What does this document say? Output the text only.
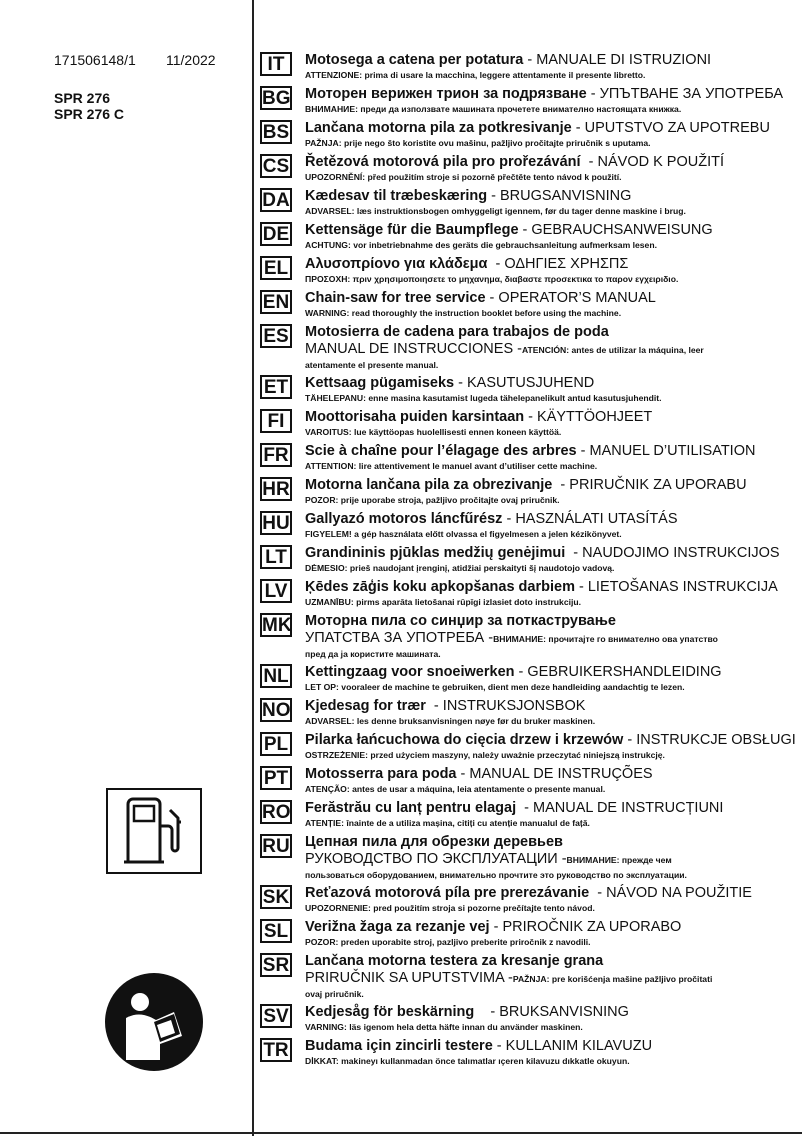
171506148/1 11/2022
SPR 276
SPR 276 C
IT	Motosega a catena per potatura - MANUALE DI ISTRUZIONI
ATTENZIONE: prima di usare la macchina, leggere attentamente il presente libretto.
BG Моторен верижен трион за подрязване - УПЪТВАНЕ ЗА УПОТРЕБА
ВНИМАНИЕ: преди да използвате машината прочетете внимателно настоящата книжка.
BS Lančana motorna pila za potkresivanje - UPUTSTVO ZA UPOTREBU
PAŽNJA: prije nego što koristite ovu mašinu, pažljivo pročitajte priručnik s uputama.
CS Řetězová motorová pila pro prořezávání  - NÁVOD K POUŽITÍ
UPOZORNĚNÍ: před použitím stroje si pozorně přečtěte tento návod k použití.
DA Kædesav til træbeskæring - BRUGSANVISNING
ADVARSEL: læs instruktionsbogen omhyggeligt igennem, før du tager denne maskine i brug.
DE Kettensäge für die Baumpflege - GEBRAUCHSANWEISUNG
ACHTUNG: vor inbetriebnahme des geräts die gebrauchsanleitung aufmerksam lesen.
EL Αλυσοπρίονο για κλάδεμα  - ΟΔΗΓΙΕΣ ΧΡΗΣΠΣ
ΠΡΟΣΟΧΗ: πριν χρησιμοποιησετε το μηχανημα, διαβαστε προσεκτικα το παρον εγχειριδιο.
EN Chain-saw for tree service - OPERATOR’S MANUAL
WARNING: read thoroughly the instruction booklet before using the machine.
ES Motosierra de cadena para trabajos de poda
MANUAL DE INSTRUCCIONES -ATENCIÓN: antes de utilizar la máquina, leer
atentamente el presente manual.
ET Kettsaag pügamiseks - KASUTUSJUHEND
TÄHELEPANU: enne masina kasutamist lugeda tähelepanelikult antud kasutusjuhendit.
FI	Moottorisaha puiden karsintaan - KÄYTTÖOHJEET
VAROITUS: lue käyttöopas huolellisesti ennen koneen käyttöä.
FR Scie à chaîne pour l’élagage des arbres - MANUEL D’UTILISATION
ATTENTION: lire attentivement le manuel avant d’utiliser cette machine.
HR Motorna lančana pila za obrezivanje  - PRIRUČNIK ZA UPORABU
POZOR: prije uporabe stroja, pažljivo pročitajte ovaj priručnik.
HU Gallyazó motoros láncfűrész - HASZNÁLATI UTASÍTÁS
FIGYELEM! a gép használata előtt olvassa el figyelmesen a jelen kézikönyvet.
LT	Grandininis pjūklas medžių genėjimui  - NAUDOJIMO INSTRUKCIJOS
DĖMESIO: prieš naudojant įrenginį, atidžiai perskaityti šį naudotojo vadovą.
LV	Ķēdes zāģis koku apkopšanas darbiem - LIETOŠANAS INSTRUKCIJA
UZMANĪBU: pirms aparāta lietošanai rūpīgi izlasiet doto instrukciju.
MK Моторна пила со синџир за поткастрување
УПАТСТВА ЗА УПОТРЕБА -ВНИМАНИЕ: прочитајте го внимателно ова упатство
пред да ја користите машината.
NL Kettingzaag voor snoeiwerken - GEBRUIKERSHANDLEIDING
LET OP: vooraleer de machine te gebruiken, dient men deze handleiding aandachtig te lezen.
NO Kjedesag for trær  - INSTRUKSJONSBOK
ADVARSEL: les denne bruksanvisningen nøye før du bruker maskinen.
PL Pilarka łańcuchowa do cięcia drzew i krzewów - INSTRUKCJE OBSŁUGI
OSTRZEŻENIE: przed użyciem maszyny, należy uważnie przeczytać niniejszą instrukcję.
PT Motosserra para poda - MANUAL DE INSTRUÇÕES
ATENÇÃO: antes de usar a máquina, leia atentamente o presente manual.
RO Ferăstrău cu lanț pentru elagaj  - MANUAL DE INSTRUCȚIUNI
ATENȚIE: înainte de a utiliza mașina, citiți cu atenție manualul de față.
RU Цепная пила для обрезки деревьев
РУКОВОДСТВО ПО ЭКСПЛУАТАЦИИ -ВНИМАНИЕ: прежде чем
пользоваться оборудованием, внимательно прочтите это руководство по эксплуатации.
SK Reťazová motorová píla pre prerezávanie  - NÁVOD NA POUŽITIE
UPOZORNENIE: pred použitím stroja si pozorne prečítajte tento návod.
SL Verižna žaga za rezanje vej - PRIROČNIK ZA UPORABO
POZOR: preden uporabite stroj, pazljivo preberite priročnik z navodili.
SR Lančana motorna testera za kresanje grana
PRIRUČNIK SA UPUTSTVIMA -PAŽNJA: pre korišćenja mašine pažljivo pročitati
ovaj priručnik.
SV Kedjesåg för beskärning    - BRUKSANVISNING
VARNING: läs igenom hela detta häfte innan du använder maskinen.
TR Budama için zincirli testere - KULLANIM KILAVUZU
DİKKAT: makineyı kullanmadan önce talımatlar ıçeren kilavuzu dıkkatle okuyun.
